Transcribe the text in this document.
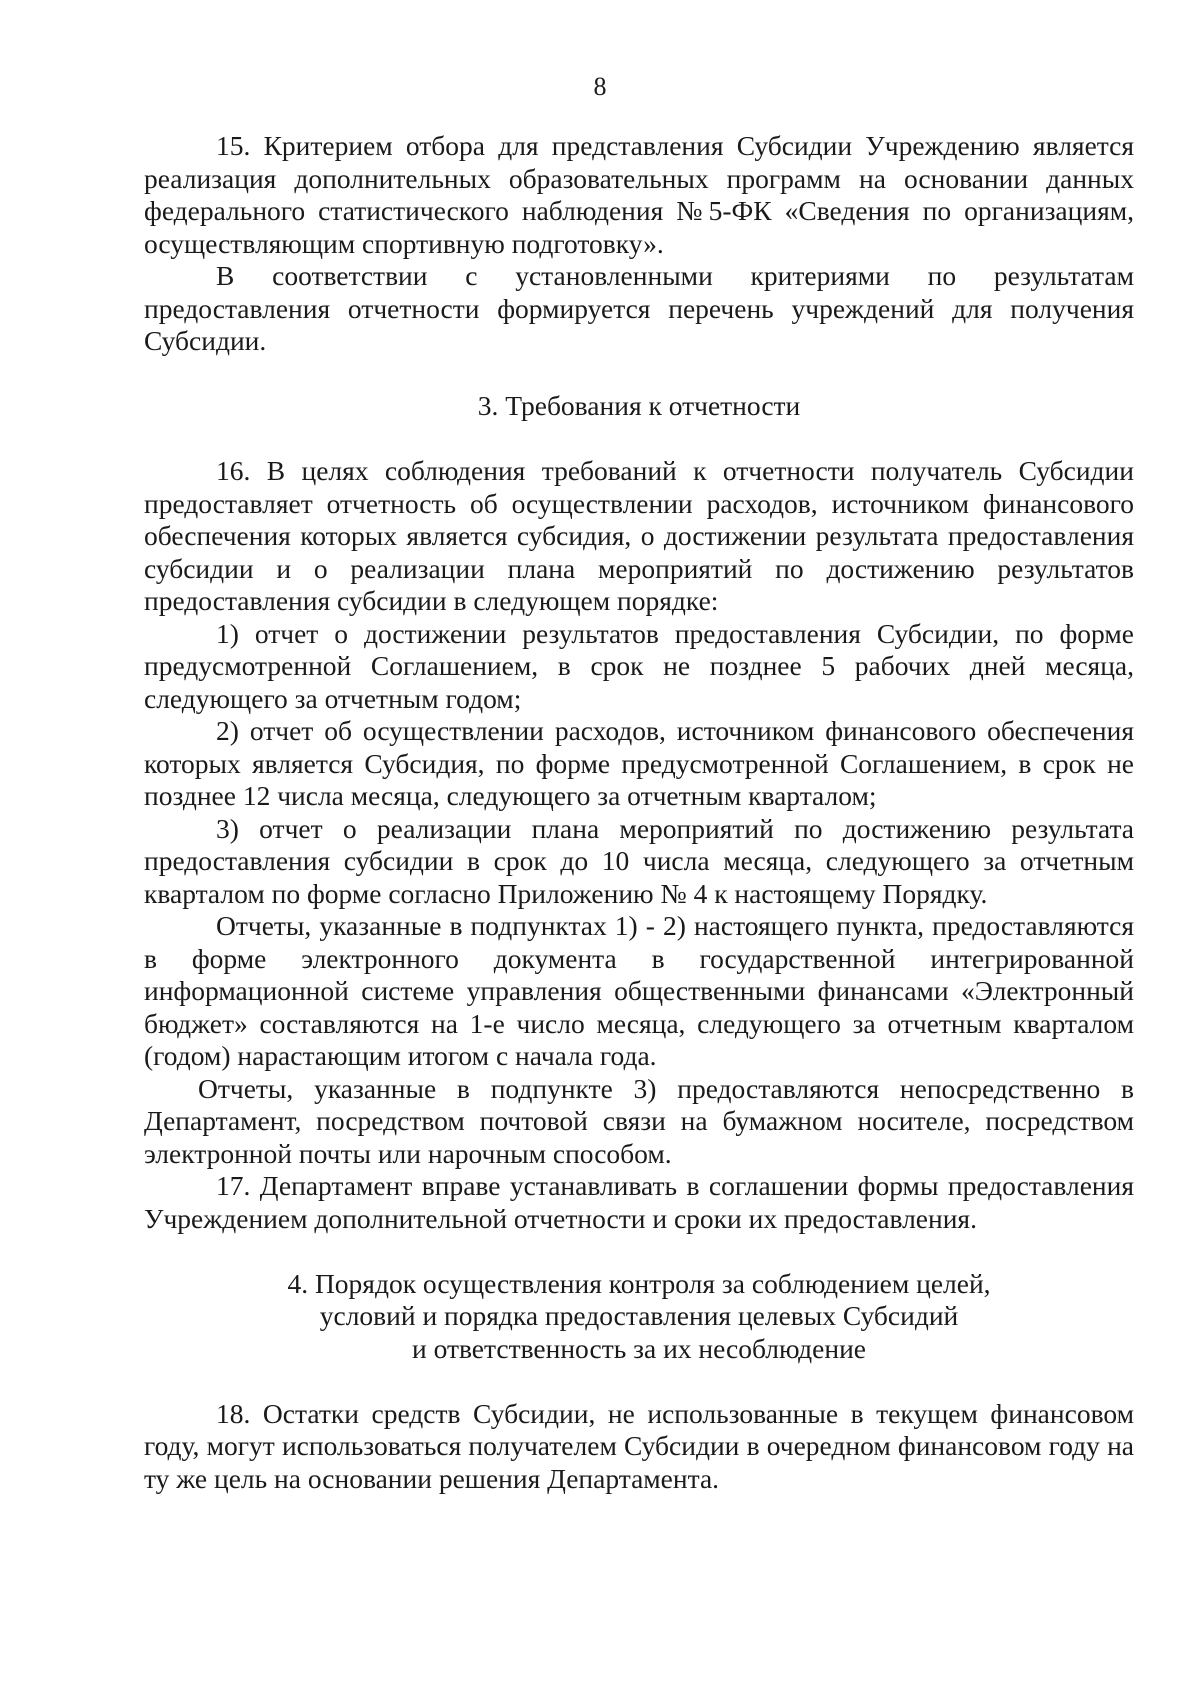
8

15. Критерием отбора для представления Субсидии Учреждению является реализация дополнительных образовательных программ на основании данных федерального статистического наблюдения №5-ФК «Сведения по организациям, осуществляющим спортивную подготовку».

В соответствии с установленными критериями по результатам предоставления отчетности формируется перечень учреждений для получения Субсидии.

3. Требования к отчетности

16. В целях соблюдения требований к отчетности получатель Субсидии предоставляет отчетность об осуществлении расходов, источником финансового обеспечения которых является субсидия, о достижении результата предоставления субсидии и о реализации плана мероприятий по достижению результатов предоставления субсидии в следующем порядке:

1) отчет о достижении результатов предоставления Субсидии, по форме предусмотренной Соглашением, в срок не позднее 5 рабочих дней месяца, следующего за отчетным годом;

2) отчет об осуществлении расходов, источником финансового обеспечения которых является Субсидия, по форме предусмотренной Соглашением, в срок не позднее 12 числа месяца, следующего за отчетным кварталом;

3) отчет о реализации плана мероприятий по достижению результата предоставления субсидии в срок до 10 числа месяца, следующего за отчетным кварталом по форме согласно Приложению № 4 к настоящему Порядку.

Отчеты, указанные в подпунктах 1) - 2) настоящего пункта, предоставляются в форме электронного документа в государственной интегрированной информационной системе управления общественными финансами «Электронный бюджет» составляются на 1-е число месяца, следующего за отчетным кварталом (годом) нарастающим итогом с начала года.

Отчеты, указанные в подпункте 3) предоставляются непосредственно в Департамент, посредством почтовой связи на бумажном носителе, посредством электронной почты или нарочным способом.

17. Департамент вправе устанавливать в соглашении формы предоставления Учреждением дополнительной отчетности и сроки их предоставления.

4. Порядок осуществления контроля за соблюдением целей,

условий и порядка предоставления целевых Субсидий

и ответственность за их несоблюдение

18. Остатки средств Субсидии, не использованные в текущем финансовом году, могут использоваться получателем Субсидии в очередном финансовом году на ту же цель на основании решения Департамента.
